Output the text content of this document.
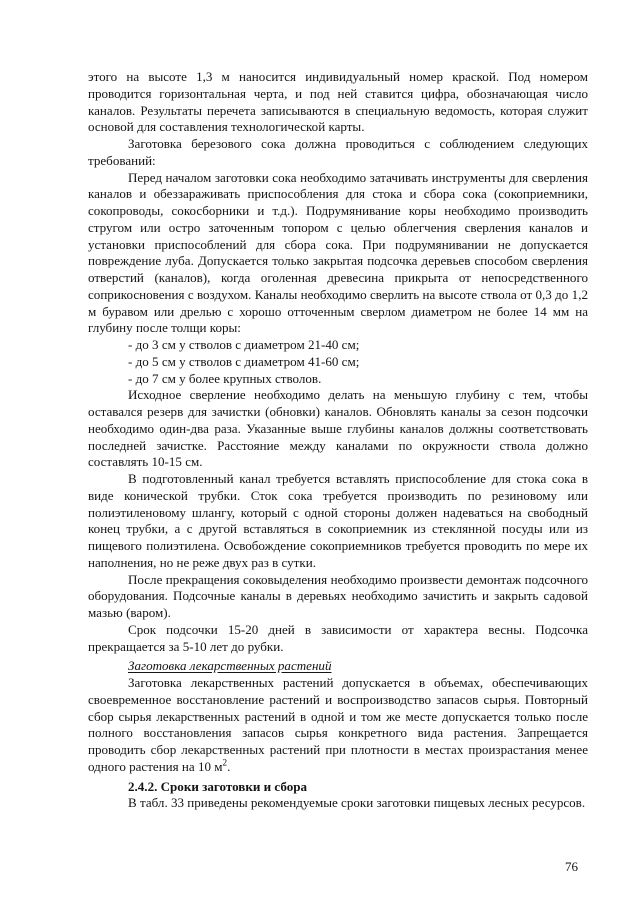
этого на высоте 1,3 м наносится индивидуальный номер краской. Под номером проводится горизонтальная черта, и под ней ставится цифра, обозначающая число каналов. Результаты перечета записываются в специальную ведомость, которая служит основой для составления технологической карты.

Заготовка березового сока должна проводиться с соблюдением следующих требований:

Перед началом заготовки сока необходимо затачивать инструменты для сверления каналов и обеззараживать приспособления для стока и сбора сока (сокоприемники, сокопроводы, сокосборники и т.д.). Подрумянивание коры необходимо производить стругом или остро заточенным топором с целью облегчения сверления каналов и установки приспособлений для сбора сока. При подрумянивании не допускается повреждение луба. Допускается только закрытая подсочка деревьев способом сверления отверстий (каналов), когда оголенная древесина прикрыта от непосредственного соприкосновения с воздухом. Каналы необходимо сверлить на высоте ствола от 0,3 до 1,2 м буравом или дрелью с хорошо отточенным сверлом диаметром не более 14 мм на глубину после толщи коры:

- до 3 см у стволов с диаметром 21-40 см;

- до 5 см у стволов с диаметром 41-60 см;

- до 7 см у более крупных стволов.

Исходное сверление необходимо делать на меньшую глубину с тем, чтобы оставался резерв для зачистки (обновки) каналов. Обновлять каналы за сезон подсочки необходимо один-два раза. Указанные выше глубины каналов должны соответствовать последней зачистке. Расстояние между каналами по окружности ствола должно составлять 10-15 см.

В подготовленный канал требуется вставлять приспособление для стока сока в виде конической трубки. Сток сока требуется производить по резиновому или полиэтиленовому шлангу, который с одной стороны должен надеваться на свободный конец трубки, а с другой вставляться в сокоприемник из стеклянной посуды или из пищевого полиэтилена. Освобождение сокоприемников требуется проводить по мере их наполнения, но не реже двух раз в сутки.

После прекращения соковыделения необходимо произвести демонтаж подсочного оборудования. Подсочные каналы в деревьях необходимо зачистить и закрыть садовой мазью (варом).

Срок подсочки 15-20 дней в зависимости от характера весны. Подсочка прекращается за 5-10 лет до рубки.

Заготовка лекарственных растений

Заготовка лекарственных растений допускается в объемах, обеспечивающих своевременное восстановление растений и воспроизводство запасов сырья. Повторный сбор сырья лекарственных растений в одной и том же месте допускается только после полного восстановления запасов сырья конкретного вида растения. Запрещается проводить сбор лекарственных растений при плотности в местах произрастания менее одного растения на 10 $м^2$.

2.4.2. Сроки заготовки и сбора

В табл. 33 приведены рекомендуемые сроки заготовки пищевых лесных ресурсов.

76
